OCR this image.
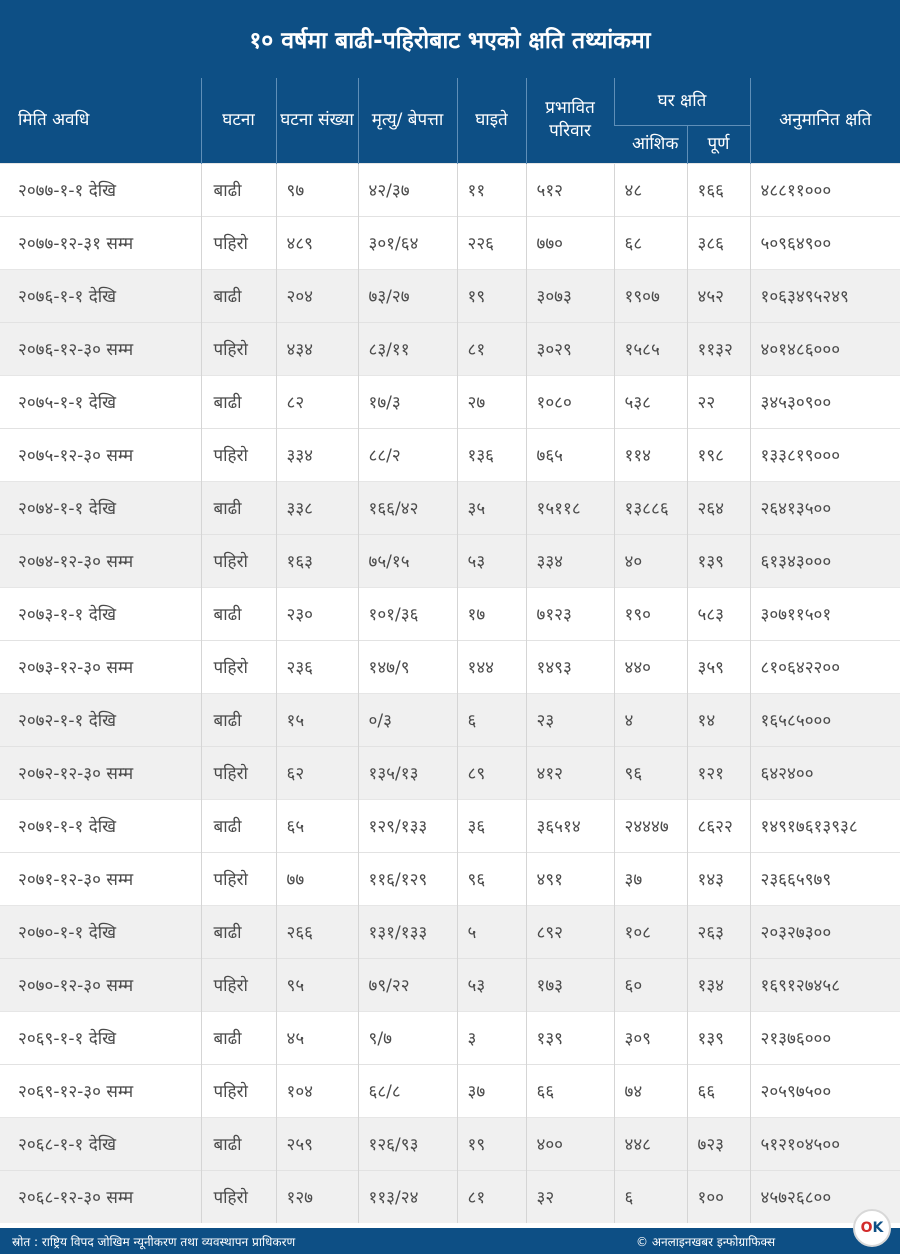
१० वर्षमा बाढी-पहिरोबाट भएको क्षति तथ्यांकमा
मिति अवधि	घटना	घटना संख्या	मृत्यु/ बेपत्ता	घाइते	प्रभावित परिवार	घर क्षति		अनुमानित क्षति
						आंशिक	पूर्ण	
२०७७-१-१ देखि	बाढी	९७	४२/३७	११	५१२	४८	१६६	४८८११०००
२०७७-१२-३१ सम्म	पहिरो	४८९	३०१/६४	२२६	७७०	६८	३८६	५०९६४९००
२०७६-१-१ देखि	बाढी	२०४	७३/२७	१९	३०७३	१९०७	४५२	१०६३४९५२४९
२०७६-१२-३० सम्म	पहिरो	४३४	८३/११	८१	३०२९	१५८५	११३२	४०१४८६०००
२०७५-१-१ देखि	बाढी	८२	१७/३	२७	१०८०	५३८	२२	३४५३०९००
२०७५-१२-३० सम्म	पहिरो	३३४	८८/२	१३६	७६५	११४	१९८	१३३८१९०००
२०७४-१-१ देखि	बाढी	३३८	१६६/४२	३५	१५११८	१३८८६	२६४	२६४१३५००
२०७४-१२-३० सम्म	पहिरो	१६३	७५/१५	५३	३३४	४०	१३९	६१३४३०००
२०७३-१-१ देखि	बाढी	२३०	१०१/३६	१७	७१२३	१९०	५८३	३०७११५०१
२०७३-१२-३० सम्म	पहिरो	२३६	१४७/९	१४४	१४९३	४४०	३५९	८१०६४२२००
२०७२-१-१ देखि	बाढी	१५	०/३	६	२३	४	१४	१६५८५०००
२०७२-१२-३० सम्म	पहिरो	६२	१३५/१३	८९	४१२	९६	१२१	६४२४००
२०७१-१-१ देखि	बाढी	६५	१२९/१३३	३६	३६५१४	२४४४७	८६२२	१४९१७६१३९३८
२०७१-१२-३० सम्म	पहिरो	७७	११६/१२९	९६	४९१	३७	१४३	२३६६५९७९
२०७०-१-१ देखि	बाढी	२६६	१३१/१३३	५	८९२	१०८	२६३	२०३२७३००
२०७०-१२-३० सम्म	पहिरो	९५	७९/२२	५३	१७३	६०	१३४	१६९१२७४५८
२०६९-१-१ देखि	बाढी	४५	९/७	३	१३९	३०९	१३९	२१३७६०००
२०६९-१२-३० सम्म	पहिरो	१०४	६८/८	३७	६६	७४	६६	२०५९७५००
२०६८-१-१ देखि	बाढी	२५९	१२६/९३	१९	४००	४४८	७२३	५१२१०४५००
२०६८-१२-३० सम्म	पहिरो	१२७	११३/२४	८१	३२	६	१००	४५७२६८००
स्रोत : राष्ट्रिय विपद जोखिम न्यूनीकरण तथा व्यवस्थापन प्राधिकरण	© अनलाइनखबर इन्फोग्राफिक्स
O K
